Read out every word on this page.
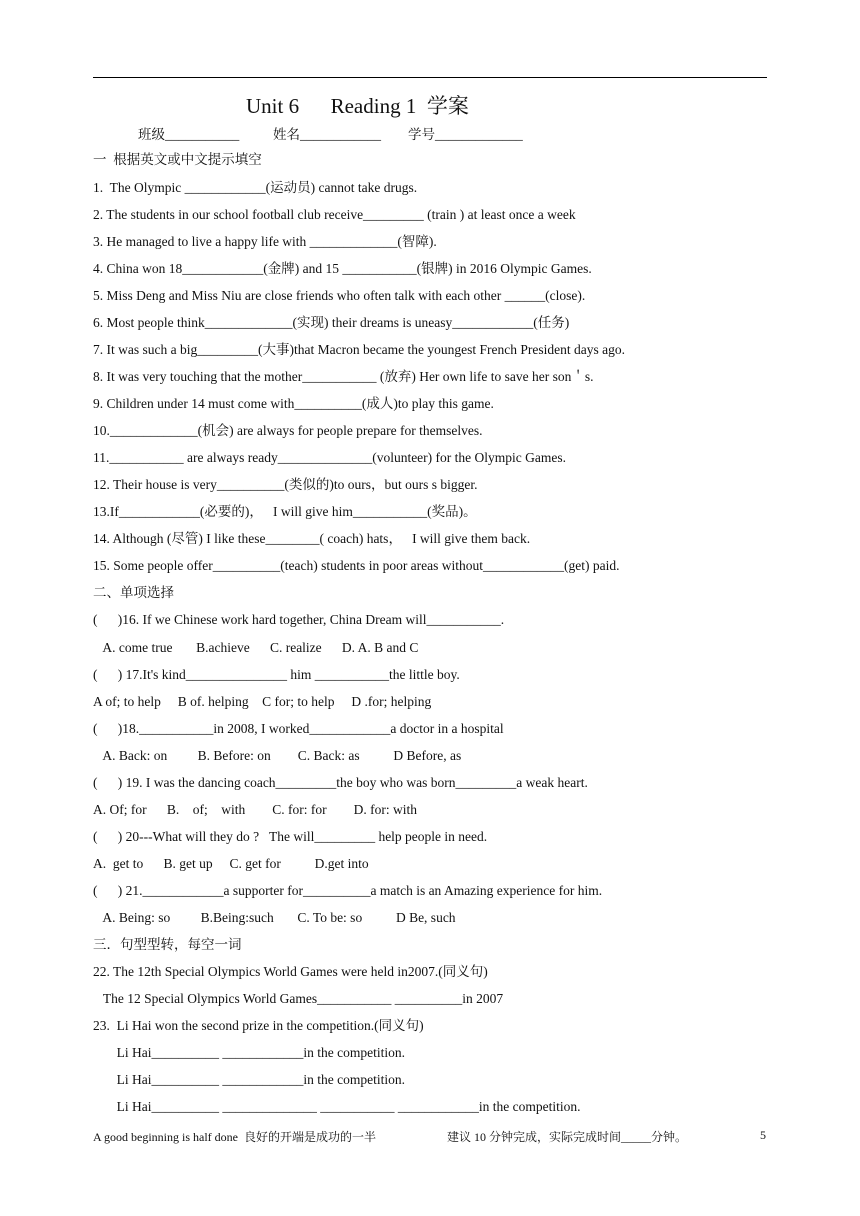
Unit 6      Reading 1  学案
班级___________          姓名____________        学号_____________
一  根据英文或中文提示填空
1.  The Olympic ____________(运动员) cannot take drugs.
2. The students in our school football club receive_________ (train ) at least once a week
3. He managed to live a happy life with _____________(智障).
4. China won 18____________(金牌) and 15 ___________(银牌) in 2016 Olympic Games.
5. Miss Deng and Miss Niu are close friends who often talk with each other ______(close).
6. Most people think_____________(实现) their dreams is uneasy____________(任务)
7. It was such a big_________(大事)that Macron became the youngest French President days ago.
8. It was very touching that the mother___________ (放弃) Her own life to save her son＇s.
9. Children under 14 must come with__________(成人)to play this game.
10._____________(机会) are always for people prepare for themselves.
11.___________ are always ready______________(volunteer) for the Olympic Games.
12. Their house is very__________(类似的)to ours，but ours s bigger.
13.If____________(必要的)，   I will give him___________(奖品)。
14. Although (尽管) I like these________( coach) hats，   I will give them back.
15. Some people offer__________(teach) students in poor areas without____________(get) paid.
二、单项选择
(      )16. If we Chinese work hard together, China Dream will___________.
A. come true       B.achieve      C. realize      D. A. B and C
(      ) 17.It's kind_______________ him ___________the little boy.
A of; to help     B of. helping    C for; to help     D .for; helping
(      )18.___________in 2008, I worked____________a doctor in a hospital
A. Back: on         B. Before: on        C. Back: as          D Before, as
(      ) 19. I was the dancing coach_________the boy who was born_________a weak heart.
A. Of; for      B.    of;    with        C. for: for        D. for: with
(      ) 20---What will they do ?   The will_________ help people in need.
A.  get to      B. get up     C. get for          D.get into
(      ) 21.____________a supporter for__________a match is an Amazing experience for him.
A. Being: so         B.Being:such       C. To be: so          D Be, such
三．句型型转，每空一词
22. The 12th Special Olympics World Games were held in2007.(同义句)
The 12 Special Olympics World Games___________ __________in 2007
23.  Li Hai won the second prize in the competition.(同义句)
Li Hai__________ ____________in the competition.
Li Hai__________ ____________in the competition.
Li Hai__________ ______________ ___________ ____________in the competition.
A good beginning is half done  良好的开端是成功的一半	建议 10 分钟完成，实际完成时间_____分钟。	5
